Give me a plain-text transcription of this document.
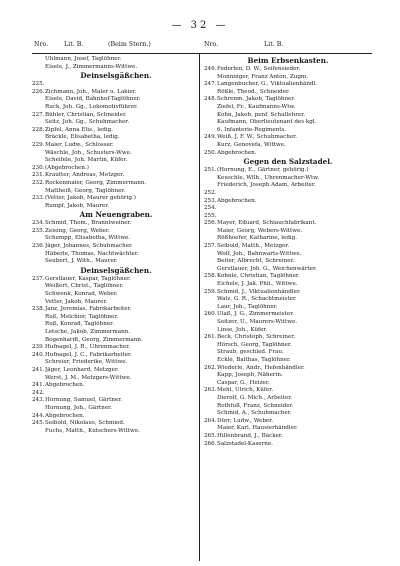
— 32 —
Nro.	Lit. B.	(Beim Stern.)	Nro.	Lit. B.
Uhlmann, Josef, Taglöhner.
Eisele, J., Zimmermanns-Wittwe.
Deinselsgäßchen.
225.
226. Zichmann, Joh., Maler u. Lakier.
Eisele, David, Bahnhof-Taglöhner.
Ruck, Joh. Gg., Lokomotivführer.
227. Bühler, Christian, Schneider.
Seitz, Joh. Gg., Schuhmacher.
228. Zipfel, Anna Elis., ledig.
Bräckle, Elisabetha, ledig.
229. Maier, Ludw., Schlosser.
Wäschle, Joh., Schusters-Wwe.
Scheifele, Joh. Martin, Küfer.
230. (Abgebrochen.)
231. Krautter, Andreas, Metzger.
232. Rockenmaier, Georg, Zimmermann.
Mattheiß, Georg, Taglöhner.
233. (Vetter, Jakob, Maurer gehörig.)
Rumpf, Jakob, Maurer.
Am Neuengraben.
234. Schmid, Thom., Branntweiner.
235. Zeising, Georg, Weber.
Schempp, Elisabetha, Wittwe.
236. Jäger, Johannes, Schuhmacher.
Häberle, Thomas, Nachtwächter.
Seubert, J. With., Maurer.
Deinselsgäßchen.
237. Gerstlauer, Kaspar, Taglöhner.
Weißert, Christ., Taglöhner.
Schwenk, Konrad, Weber.
Vetter, Jakob, Maurer.
238. Janz, Jeremias, Fabrikarbeiter.
Ruß, Melchior, Taglöhner.
Ruß, Konrad, Taglöhner.
Letsche, Jakob, Zimmermann.
Bogenhardt, Georg, Zimmermann.
239. Hufnagel, J. R., Uhrenmacher.
240. Hufnagel, J. C., Fabrikarbeiter.
Schreier, Friederike, Wittwe.
241. Jäger, Leonhard, Metzger.
Werst, J. M., Metzgers-Wittwe.
241. Abgebrochen.
242.
243. Hornung, Samuel, Gärtner.
Hornung, Joh., Gärtner.
244. Abgebrochen.
245. Seibold, Nikolaus, Schmied.
Fuchs, Matth., Kutschers-Wittwe.
Beim Erbsenkasten.
246. Federlen, D. W., Seifensieder.
Monninger, Franz Anton, Zugm.
247. Langenbucher, G., Viktualienhändl.
Rößle, Theod., Schneider.
248. Schrenm, Jakob, Taglöhner.
Ziefel, Fr., Kaufmanns-Wtw.
Kohn, Jakob, penf. Schullehrer.
Kaufmann, Oberlieutenant des kgl.
6. Infanterie-Regiments.
249. Weiß, J. F. W., Schuhmacher.
Kurz, Genovefa, Wittwe.
250. Abgebrochen.
Gegen den Salzstadel.
251. (Hornung, E., Gärtner, gehörig.)
Keuschle, Wilh., Uhrenmacher-Wtw.
Friederich, Joseph Adam, Arbeiter.
252.
253. Abgebrochen.
254.
255.
256. Mayer, Eduard, Schlauchfabrikant.
Maier, Georg, Webers-Wittwe.
Rößhoefer, Katharine, ledig.
257. Seibold, Matth., Metzger.
Wolf, Joh., Bahnwarts-Wittwe.
Beiter, Albrecht, Schreiner.
Gerstlauer, Joh. G., Weichenwärter.
258. Kohnle, Christian, Taglöhner.
Eichele, J. Jak. Phil., Wittwe.
259. Schmid, J., Viktualienhändler.
Walz, G. R., Schachtmeister.
Laur, Joh., Taglöhner.
260. Ulaß, J. G., Zimmermeister.
Seitzer, U., Maurers-Wittwe.
Linse, Joh., Küfer.
261. Beck, Christoph, Schreiner.
Hörsch, Georg, Taglöhner.
Straub, geschied. Frau.
Eckle, Balthas, Taglöhner.
262. Wiederle, Andr., Hefenhändler.
Kapp, Joseph, Näherin.
Caspar, G., Heizer.
263. Mehl, Ulrich, Küfer.
Dierolf, G. Mich., Arbeiter.
Rothfuß, Franz, Schneider.
Schmid, A., Schuhmacher.
264. Dürr, Ludw., Weber.
Maier, Karl, Hausierhändler.
265. Hillenbrand, J., Bäcker.
266. Salzstadel-Kaserne.
